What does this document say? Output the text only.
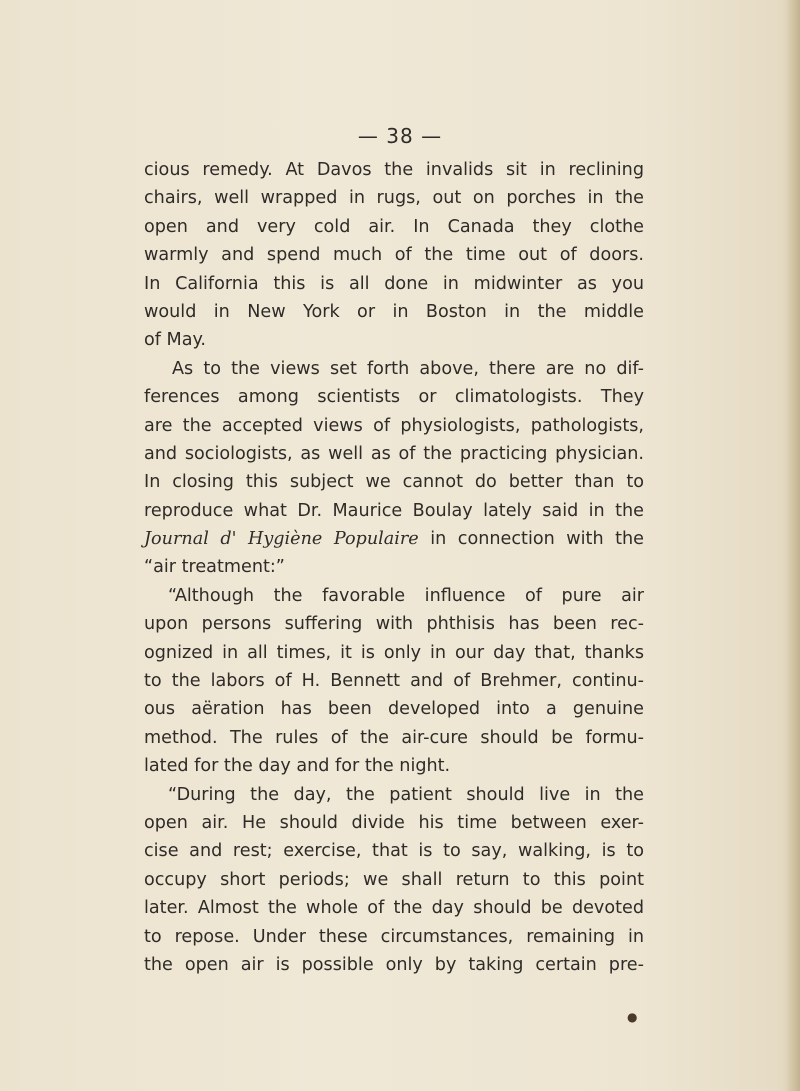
— 38 —
cious remedy. At Davos the invalids sit in reclining
chairs, well wrapped in rugs, out on porches in the
open and very cold air. In Canada they clothe
warmly and spend much of the time out of doors.
In California this is all done in midwinter as you
would in New York or in Boston in the middle
of May.
As to the views set forth above, there are no dif-
ferences among scientists or climatologists. They
are the accepted views of physiologists, pathologists,
and sociologists, as well as of the practicing physician.
In closing this subject we cannot do better than to
reproduce what Dr. Maurice Boulay lately said in the
Journal d' Hygiène Populaire in connection with the
“air treatment:”
“Although the favorable influence of pure air
upon persons suffering with phthisis has been rec-
ognized in all times, it is only in our day that, thanks
to the labors of H. Bennett and of Brehmer, continu-
ous aëration has been developed into a genuine
method. The rules of the air-cure should be formu-
lated for the day and for the night.
“During the day, the patient should live in the
open air. He should divide his time between exer-
cise and rest; exercise, that is to say, walking, is to
occupy short periods; we shall return to this point
later. Almost the whole of the day should be devoted
to repose. Under these circumstances, remaining in
the open air is possible only by taking certain pre-
●
